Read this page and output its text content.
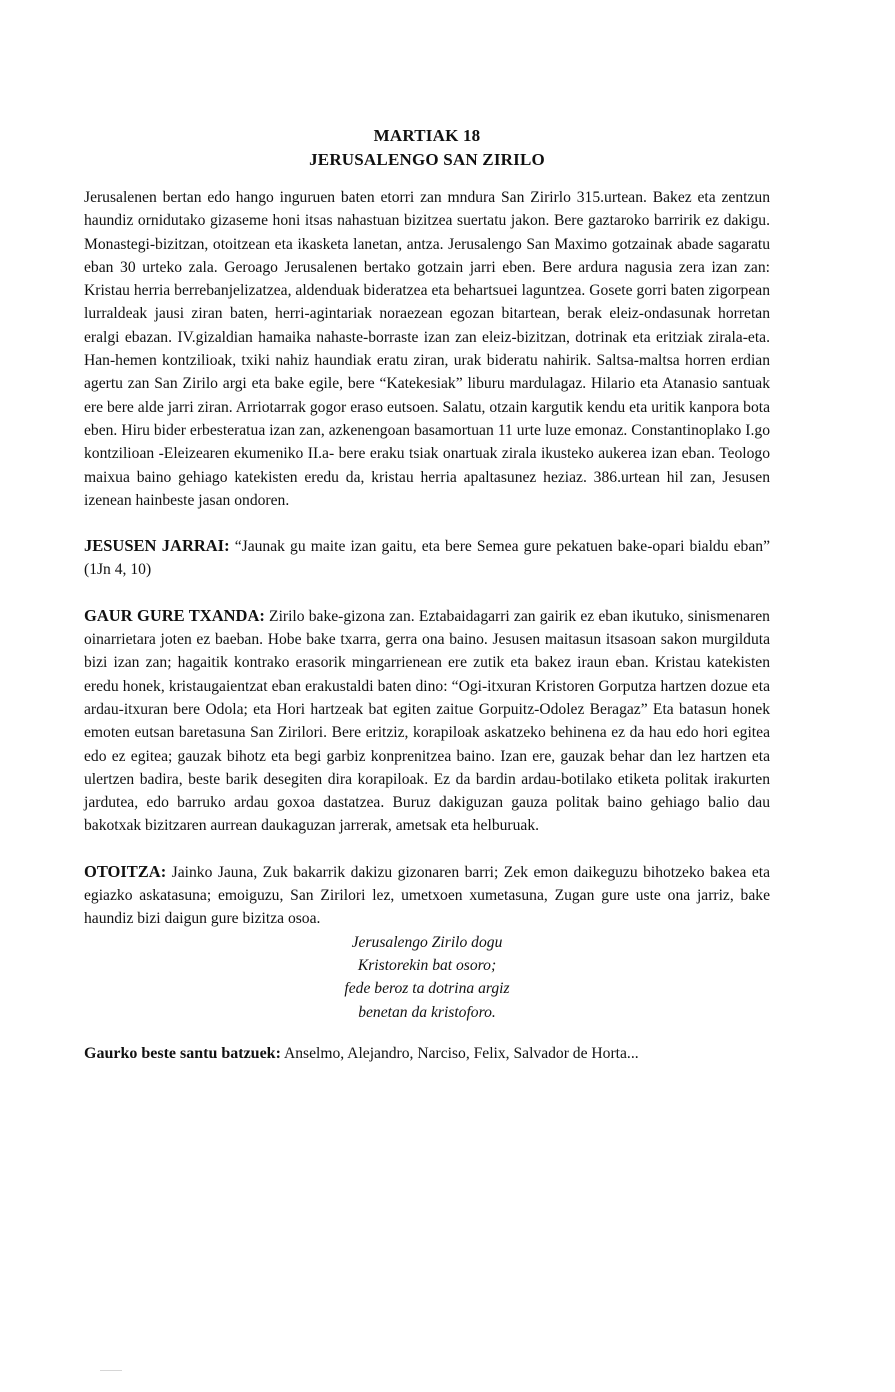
MARTIAK 18
JERUSALENGO SAN ZIRILO

Jerusalenen bertan edo hango inguruen baten etorri zan mndura San Zirirlo 315.urtean. Bakez eta zentzun haundiz ornidutako gizaseme honi itsas nahastuan bizitzea suertatu jakon. Bere gaztaroko barririk ez dakigu. Monastegi-bizitzan, otoitzean eta ikasketa lanetan, antza. Jerusalengo San Maximo gotzainak abade sagaratu eban 30 urteko zala. Geroago Jerusalenen bertako gotzain jarri eben. Bere ardura nagusia zera izan zan: Kristau herria berrebanjelizatzea, aldenduak bideratzea eta behartsuei laguntzea. Gosete gorri baten zigorpean lurraldeak jausi ziran baten, herri-agintariak noraezean egozan bitartean, berak eleiz-ondasunak horretan eralgi ebazan. IV.gizaldian hamaika nahaste-borraste izan zan eleiz-bizitzan, dotrinak eta eritziak zirala-eta. Han-hemen kontzilioak, txiki nahiz haundiak eratu ziran, urak bideratu nahirik. Saltsa-maltsa horren erdian agertu zan San Zirilo argi eta bake egile, bere “Katekesiak” liburu mardulagaz. Hilario eta Atanasio santuak ere bere alde jarri ziran. Arriotarrak gogor eraso eutsoen. Salatu, otzain kargutik kendu eta uritik kanpora bota eben. Hiru bider erbesteratua izan zan, azkenengoan basamortuan 11 urte luze emonaz. Constantinoplako I.go kontzilioan -Eleizearen ekumeniko II.a- bere eraku tsiak onartuak zirala ikusteko aukerea izan eban. Teologo maixua baino gehiago katekisten eredu da, kristau herria apaltasunez heziaz. 386.urtean hil zan, Jesusen izenean hainbeste jasan ondoren.

JESUSEN JARRAI: “Jaunak gu maite izan gaitu, eta bere Semea gure pekatuen bake-opari bialdu eban” (1Jn 4, 10)

GAUR GURE TXANDA: Zirilo bake-gizona zan. Eztabaidagarri zan gairik ez eban ikutuko, sinismenaren oinarrietara joten ez baeban. Hobe bake txarra, gerra ona baino. Jesusen maitasun itsasoan sakon murgilduta bizi izan zan; hagaitik kontrako erasorik mingarrienean ere zutik eta bakez iraun eban. Kristau katekisten eredu honek, kristaugaientzat eban erakustaldi baten dino: “Ogi-itxuran Kristoren Gorputza hartzen dozue eta ardau-itxuran bere Odola; eta Hori hartzeak bat egiten zaitue Gorpuitz-Odolez Beragaz” Eta batasun honek emoten eutsan baretasuna San Zirilori. Bere eritziz, korapiloak askatzeko behinena ez da hau edo hori egitea edo ez egitea; gauzak bihotz eta begi garbiz konprenitzea baino. Izan ere, gauzak behar dan lez hartzen eta ulertzen badira, beste barik desegiten dira korapiloak. Ez da bardin ardau-botilako etiketa politak irakurten jardutea, edo barruko ardau goxoa dastatzea. Buruz dakiguzan gauza politak baino gehiago balio dau bakotxak bizitzaren aurrean daukaguzan jarrerak, ametsak eta helburuak.

OTOITZA: Jainko Jauna, Zuk bakarrik dakizu gizonaren barri; Zek emon daikeguzu bihotzeko bakea eta egiazko askatasuna; emoiguzu, San Zirilori lez, umetxoen xumetasuna, Zugan gure uste ona jarriz, bake haundiz bizi daigun gure bizitza osoa.

Jerusalengo Zirilo dogu
Kristorekin bat osoro;
fede beroz ta dotrina argiz
benetan da kristoforo.

Gaurko beste santu batzuek: Anselmo, Alejandro, Narciso, Felix, Salvador de Horta...
